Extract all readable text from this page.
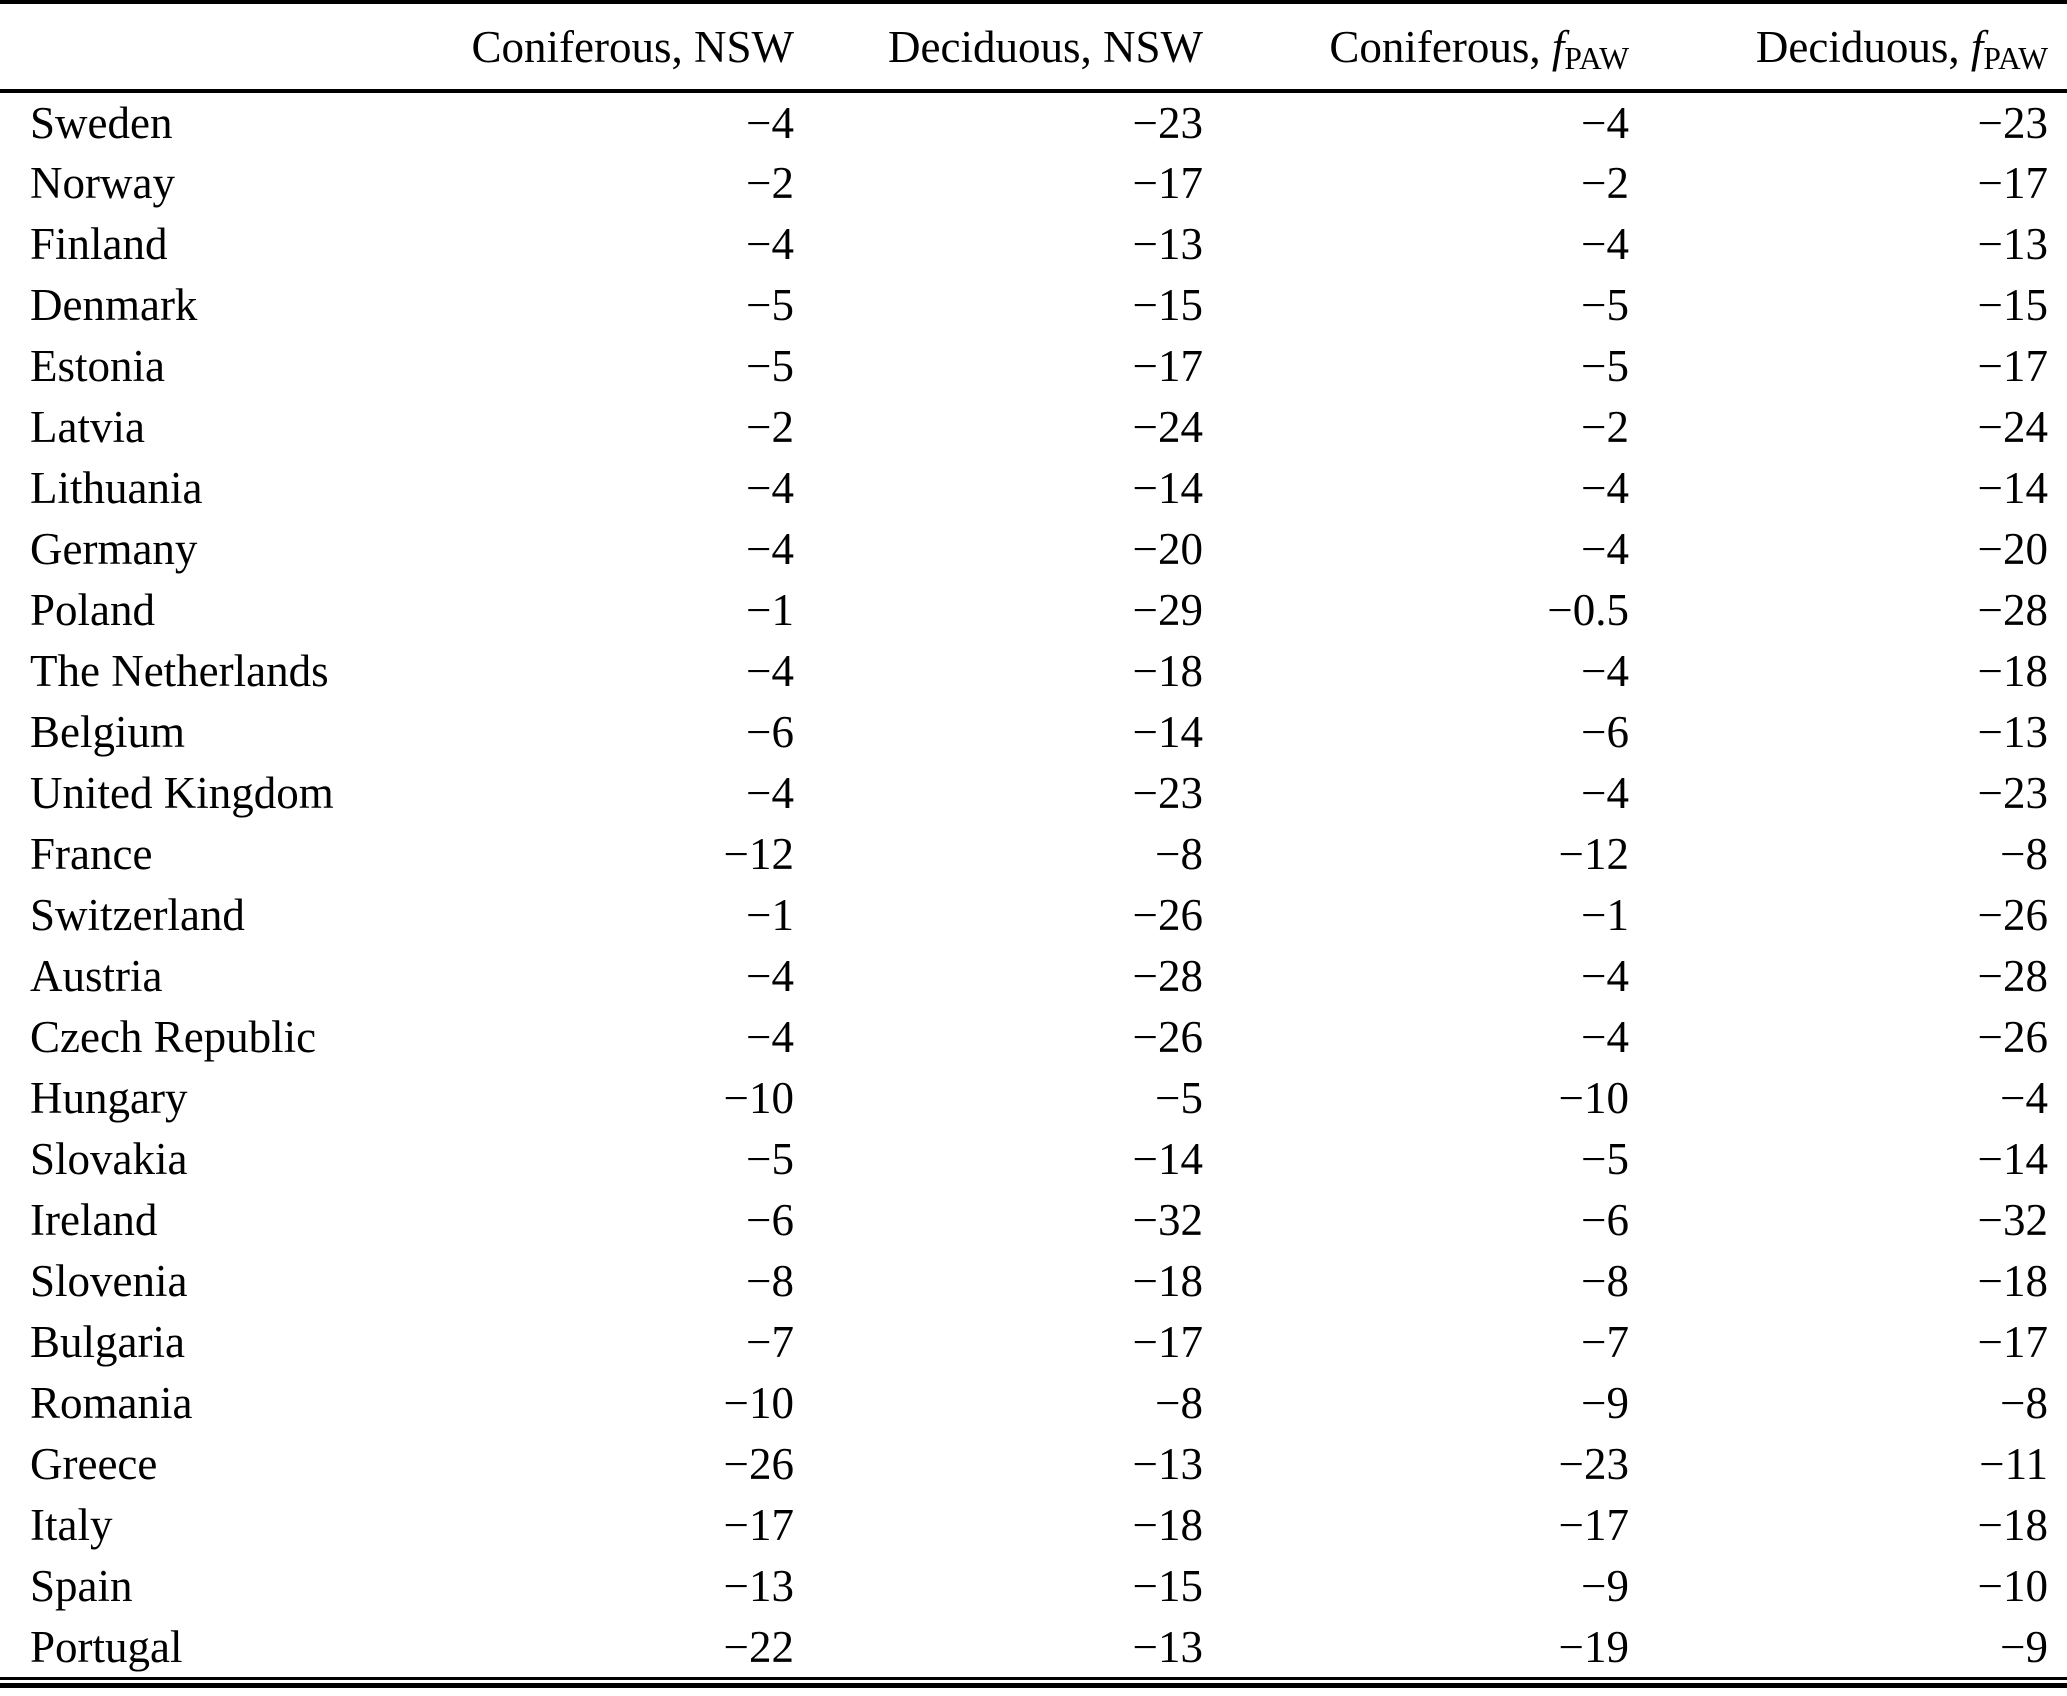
	Coniferous, NSW	Deciduous, NSW	Coniferous, $f_{PAW}$	Deciduous, $f_{PAW}$
Sweden	−4	−23	−4	−23
Norway	−2	−17	−2	−17
Finland	−4	−13	−4	−13
Denmark	−5	−15	−5	−15
Estonia	−5	−17	−5	−17
Latvia	−2	−24	−2	−24
Lithuania	−4	−14	−4	−14
Germany	−4	−20	−4	−20
Poland	−1	−29	−0.5	−28
The Netherlands	−4	−18	−4	−18
Belgium	−6	−14	−6	−13
United Kingdom	−4	−23	−4	−23
France	−12	−8	−12	−8
Switzerland	−1	−26	−1	−26
Austria	−4	−28	−4	−28
Czech Republic	−4	−26	−4	−26
Hungary	−10	−5	−10	−4
Slovakia	−5	−14	−5	−14
Ireland	−6	−32	−6	−32
Slovenia	−8	−18	−8	−18
Bulgaria	−7	−17	−7	−17
Romania	−10	−8	−9	−8
Greece	−26	−13	−23	−11
Italy	−17	−18	−17	−18
Spain	−13	−15	−9	−10
Portugal	−22	−13	−19	−9
